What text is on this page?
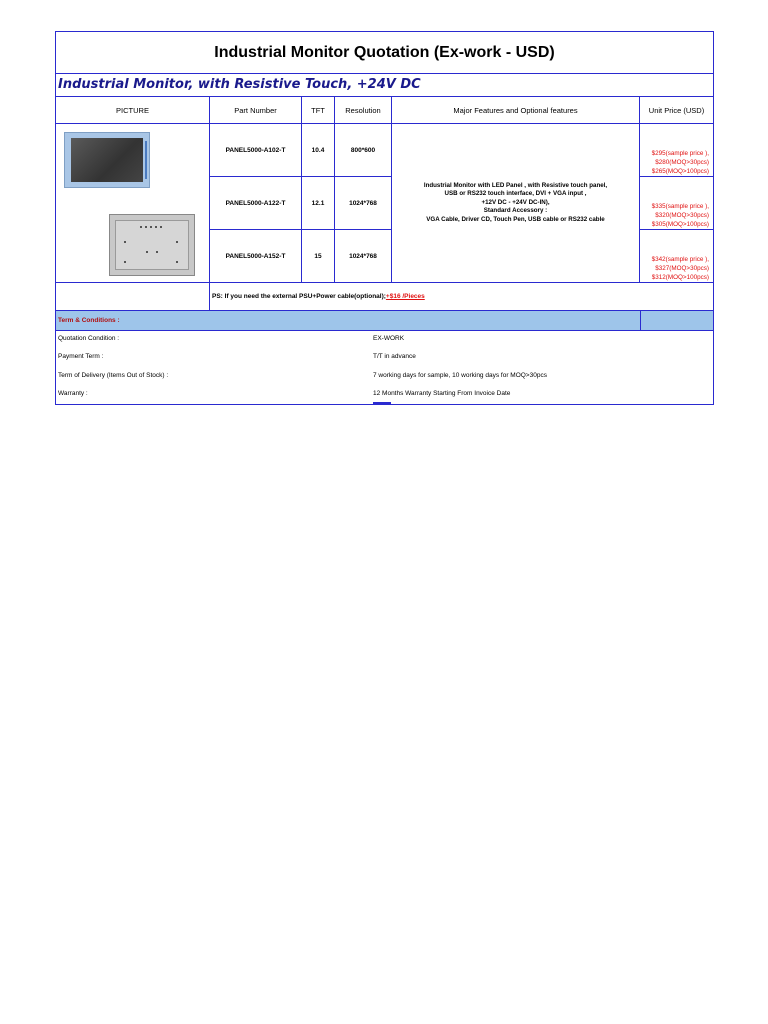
Industrial Monitor Quotation (Ex-work - USD)
Industrial Monitor, with Resistive Touch, +24V DC
PICTURE	Part Number	TFT	Resolution	Major Features and Optional features	Unit Price (USD)
PANEL5000-A102-T	10.4	800*600	$295(sample price ),
$280(MOQ>30pcs)
$265(MOQ>100pcs)
PANEL5000-A122-T	12.1	1024*768	$335(sample price ),
$320(MOQ>30pcs)
$305(MOQ>100pcs)
PANEL5000-A152-T	15	1024*768	$342(sample price ),
$327(MOQ>30pcs)
$312(MOQ>100pcs)
Industrial Monitor with LED Panel , with Resistive touch panel,
USB or RS232 touch interface, DVI + VGA input ,
+12V DC - +24V DC-IN),
Standard Accessory :
VGA Cable, Driver CD, Touch Pen, USB cable or RS232 cable
PS: If you need the external PSU+Power cable(optional); +$16 /Pieces
Term & Conditions :
Quotation Condition :	EX-WORK
Payment Term :	T/T in advance
Term of Delivery (Items Out of Stock) :	7 working days for sample, 10 working days for MOQ>30pcs
Warranty :	12 Months Warranty Starting From Invoice Date
